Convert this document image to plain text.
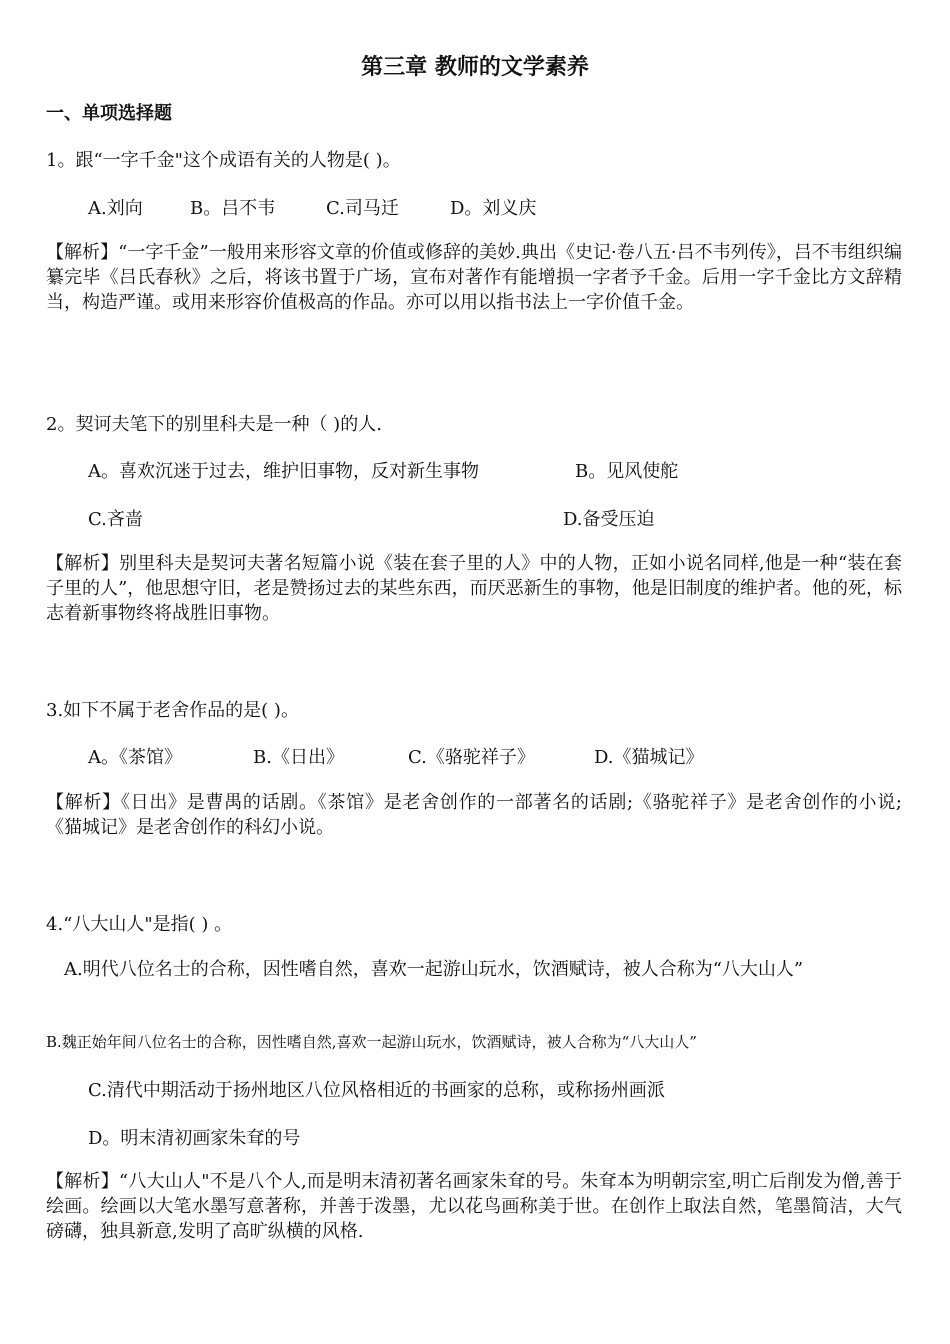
第三章 教师的文学素养
一、单项选择题
1。跟“一字千金"这个成语有关的人物是( )。
A.刘向	B。吕不韦	C.司马迁	D。刘义庆
【解析】“一字千金”一般用来形容文章的价值或修辞的美妙.典出《史记·卷八五·吕不韦列传》，吕不韦组织编纂完毕《吕氏春秋》之后，将该书置于广场，宣布对著作有能增损一字者予千金。后用一字千金比方文辞精当，构造严谨。或用来形容价值极高的作品。亦可以用以指书法上一字价值千金。
2。契诃夫笔下的别里科夫是一种（ )的人.
A。喜欢沉迷于过去，维护旧事物，反对新生事物	B。见风使舵
C.吝啬	D.备受压迫
【解析】别里科夫是契诃夫著名短篇小说《装在套子里的人》中的人物，正如小说名同样,他是一种“装在套子里的人”，他思想守旧，老是赞扬过去的某些东西，而厌恶新生的事物，他是旧制度的维护者。他的死，标志着新事物终将战胜旧事物。
3.如下不属于老舍作品的是( )。
A。《茶馆》	B.《日出》	C.《骆驼祥子》	D.《猫城记》
【解析】《日出》是曹禺的话剧。《茶馆》是老舍创作的一部著名的话剧;《骆驼祥子》是老舍创作的小说;《猫城记》是老舍创作的科幻小说。
4.“八大山人"是指( ) 。
A.明代八位名士的合称，因性嗜自然，喜欢一起游山玩水，饮酒赋诗，被人合称为“八大山人”
B.魏正始年间八位名士的合称，因性嗜自然,喜欢一起游山玩水，饮酒赋诗，被人合称为“八大山人”
C.清代中期活动于扬州地区八位风格相近的书画家的总称，或称扬州画派
D。明末清初画家朱耷的号
【解析】“八大山人"不是八个人,而是明末清初著名画家朱耷的号。朱耷本为明朝宗室,明亡后削发为僧,善于绘画。绘画以大笔水墨写意著称，并善于泼墨，尤以花鸟画称美于世。在创作上取法自然，笔墨简洁，大气磅礴，独具新意,发明了高旷纵横的风格.
